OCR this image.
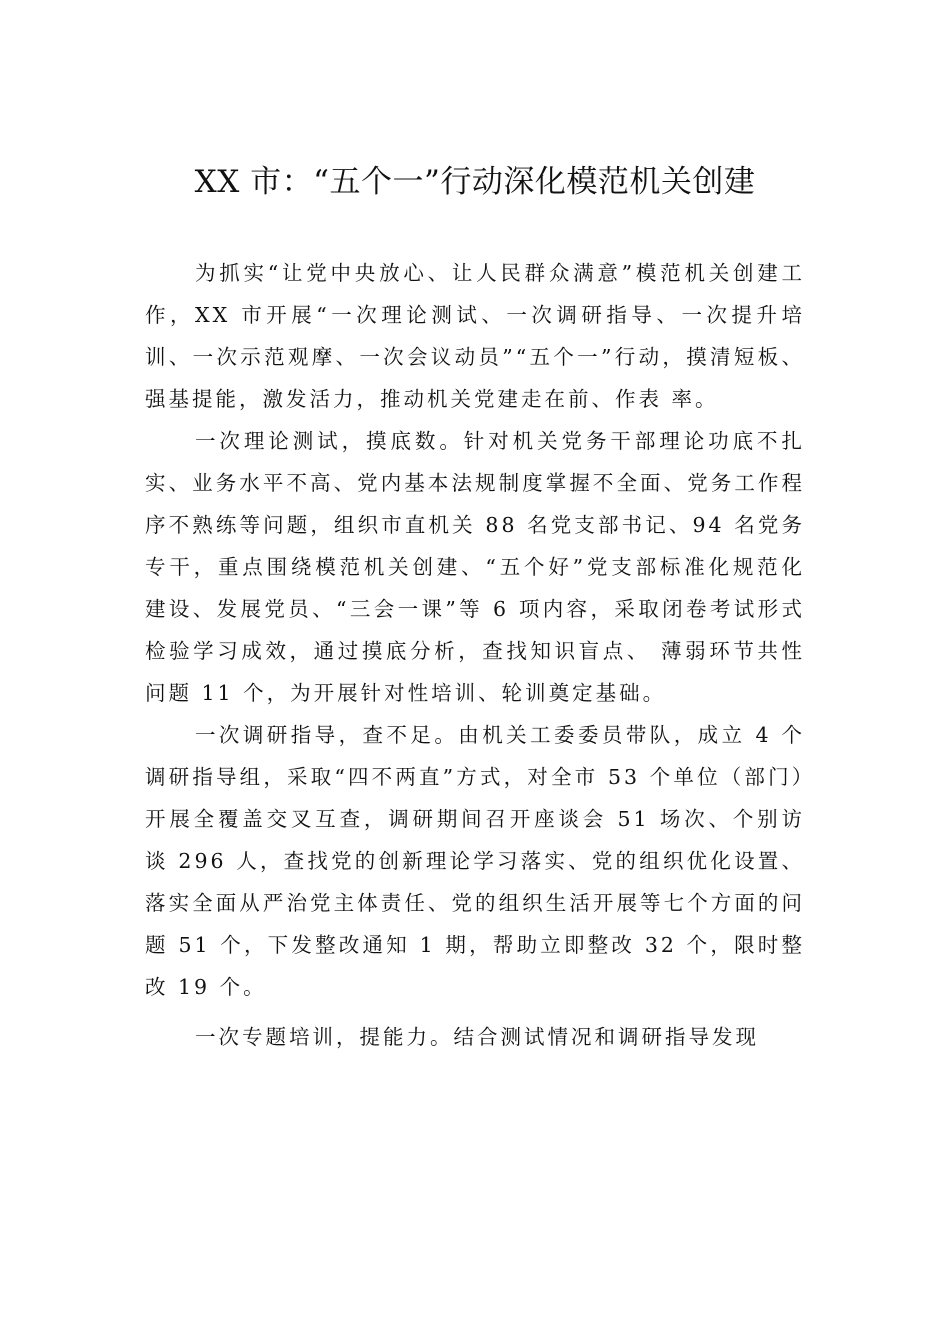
XX 市：“五个一”行动深化模范机关创建

为抓实“让党中央放心、让人民群众满意”模范机关创建工作，XX 市开展“一次理论测试、一次调研指导、一次提升培训、一次示范观摩、一次会议动员”“五个一”行动，摸清短板、强基提能，激发活力，推动机关党建走在前、作表 率。

一次理论测试，摸底数。针对机关党务干部理论功底不扎实、业务水平不高、党内基本法规制度掌握不全面、党务工作程序不熟练等问题，组织市直机关 88 名党支部书记、94 名党务专干，重点围绕模范机关创建、“五个好”党支部标准化规范化建设、发展党员、“三会一课”等 6 项内容，采取闭卷考试形式检验学习成效，通过摸底分析，查找知识盲点、 薄弱环节共性问题 11 个，为开展针对性培训、轮训奠定基础。

一次调研指导，查不足。由机关工委委员带队，成立 4 个调研指导组，采取“四不两直”方式，对全市 53 个单位（部门）开展全覆盖交叉互查，调研期间召开座谈会 51 场次、个别访谈 296 人，查找党的创新理论学习落实、党的组织优化设置、落实全面从严治党主体责任、党的组织生活开展等七个方面的问题 51 个，下发整改通知 1 期，帮助立即整改 32 个，限时整改 19 个。

一次专题培训，提能力。结合测试情况和调研指导发现
